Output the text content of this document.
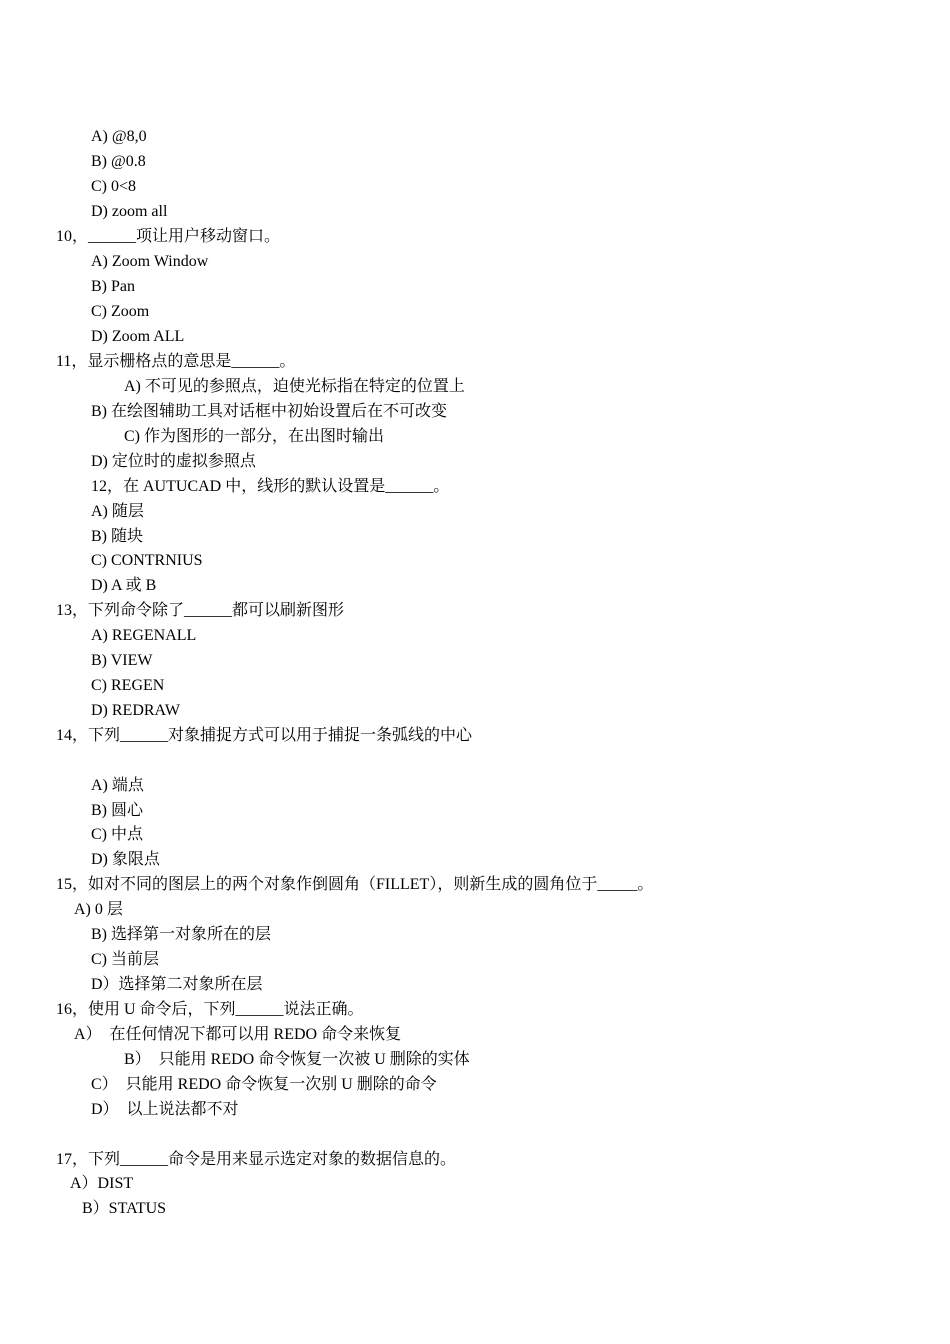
A) @8,0
B) @0.8
C) 0<8
D) zoom all
10，______项让用户移动窗口。
A) Zoom Window
B) Pan
C) Zoom
D) Zoom ALL
11，显示栅格点的意思是______。
A) 不可见的参照点，迫使光标指在特定的位置上
B) 在绘图辅助工具对话框中初始设置后在不可改变
C) 作为图形的一部分，在出图时输出
D) 定位时的虚拟参照点
12，在 AUTUCAD 中，线形的默认设置是______。
A) 随层
B) 随块
C) CONTRNIUS
D) A 或 B
13，下列命令除了______都可以刷新图形
A) REGENALL
B) VIEW
C) REGEN
D) REDRAW
14，下列______对象捕捉方式可以用于捕捉一条弧线的中心
A) 端点
B) 圆心
C) 中点
D) 象限点
15，如对不同的图层上的两个对象作倒圆角（FILLET），则新生成的圆角位于_____。
A) 0 层
B) 选择第一对象所在的层
C) 当前层
D）选择第二对象所在层
16，使用 U 命令后，下列______说法正确。
A）  在任何情况下都可以用 REDO 命令来恢复
B）  只能用 REDO 命令恢复一次被 U 删除的实体
C）  只能用 REDO 命令恢复一次别 U 删除的命令
D）  以上说法都不对
17，下列______命令是用来显示选定对象的数据信息的。
A）DIST
B）STATUS
